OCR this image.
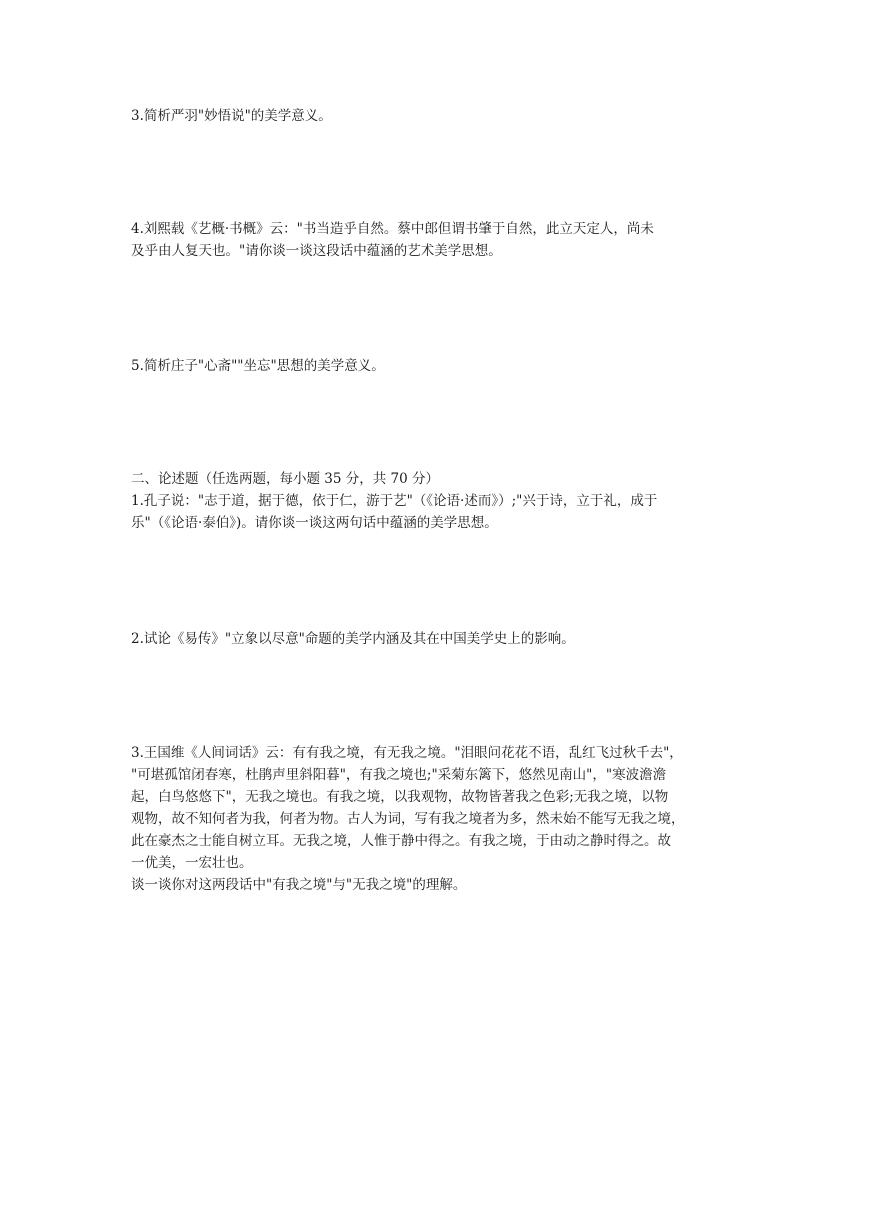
3.简析严羽"妙悟说"的美学意义。

4.刘熙载《艺概·书概》云："书当造乎自然。蔡中郎但谓书肇于自然，此立天定人，尚未
及乎由人复天也。"请你谈一谈这段话中蕴涵的艺术美学思想。

5.简析庄子"心斋""坐忘"思想的美学意义。

二、论述题（任选两题，每小题 35 分，共 70 分）
1.孔子说："志于道，据于德，依于仁，游于艺"（《论语·述而》）;"兴于诗，立于礼，成于
乐"（《论语·泰伯》)。请你谈一谈这两句话中蕴涵的美学思想。

2.试论《易传》"立象以尽意"命题的美学内涵及其在中国美学史上的影响。

3.王国维《人间词话》云：有有我之境，有无我之境。"泪眼问花花不语，乱红飞过秋千去"，
"可堪孤馆闭春寒，杜鹃声里斜阳暮"，有我之境也;"采菊东篱下，悠然见南山"，"寒波澹澹
起，白鸟悠悠下"，无我之境也。有我之境，以我观物，故物皆著我之色彩;无我之境，以物
观物，故不知何者为我，何者为物。古人为词，写有我之境者为多，然未始不能写无我之境，
此在豪杰之士能自树立耳。无我之境，人惟于静中得之。有我之境，于由动之静时得之。故
一优美，一宏壮也。
谈一谈你对这两段话中"有我之境"与"无我之境"的理解。
